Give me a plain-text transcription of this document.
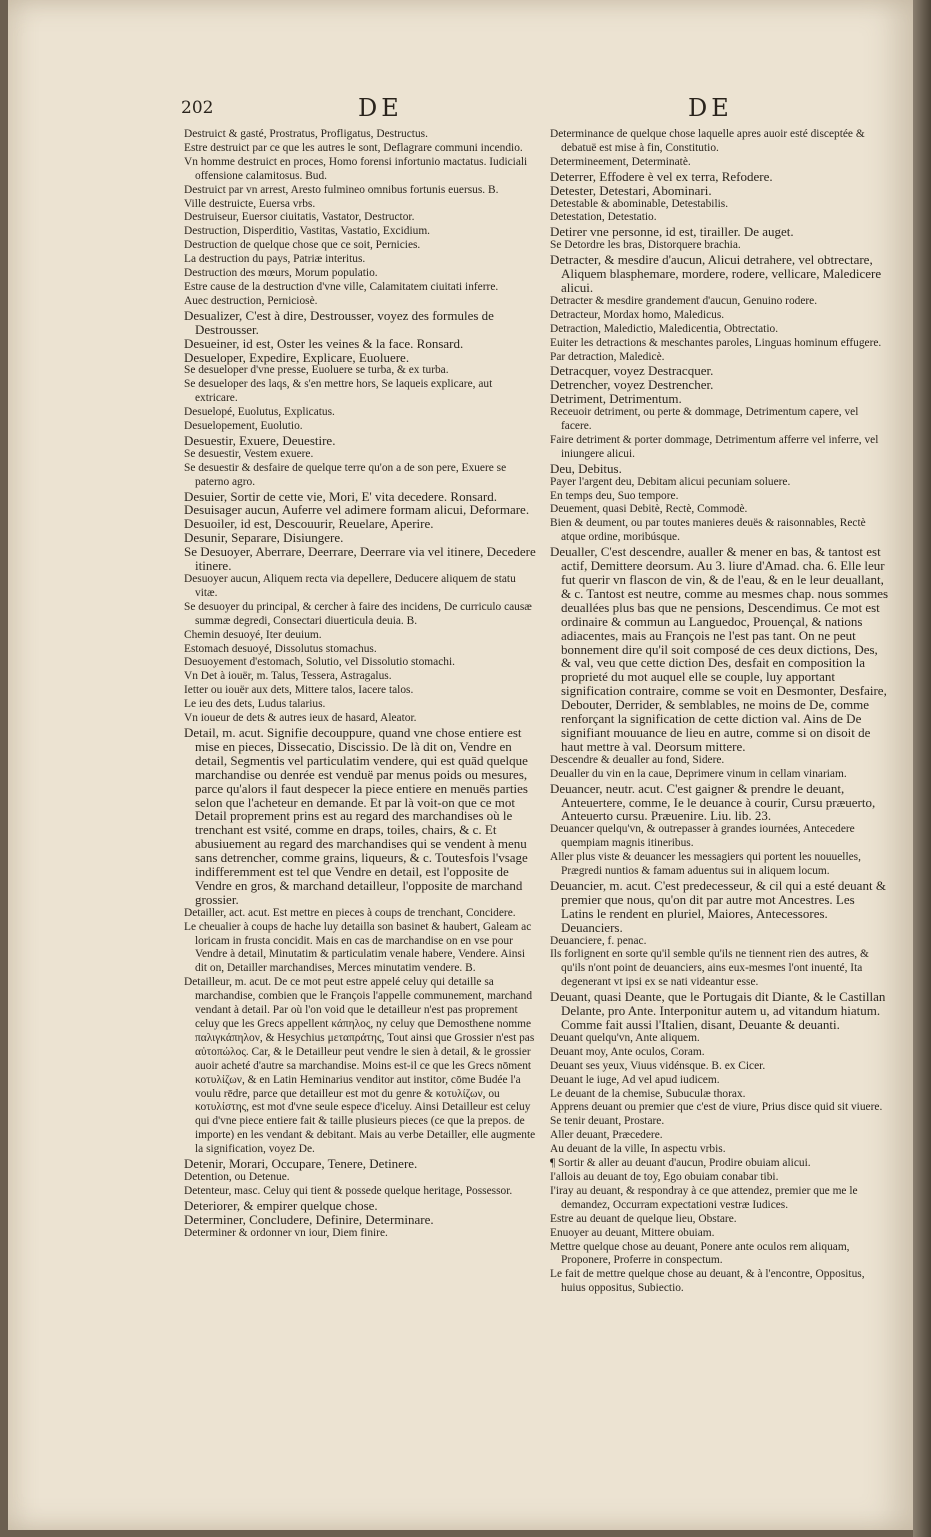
202	DE	DE

Destruict & gasté, Prostratus, Profligatus, Destructus.

Estre destruict par ce que les autres le sont, Deflagrare communi incendio.

Vn homme destruict en proces, Homo forensi infortunio mactatus. Iudiciali offensione calamitosus. Bud.

Destruict par vn arrest, Aresto fulmineo omnibus fortunis euersus. B.

Ville destruicte, Euersa vrbs.

Destruiseur, Euersor ciuitatis, Vastator, Destructor.

Destruction, Disperditio, Vastitas, Vastatio, Excidium.

Destruction de quelque chose que ce soit, Pernicies.

La destruction du pays, Patriæ interitus.

Destruction des mœurs, Morum populatio.

Estre cause de la destruction d'vne ville, Calamitatem ciuitati inferre.

Auec destruction, Perniciosè.

Desualizer, C'est à dire, Destrousser, voyez des formules de Destrousser.

Desueiner, id est, Oster les veines & la face. Ronsard.

Desueloper, Expedire, Explicare, Euoluere.

Se desueloper d'vne presse, Euoluere se turba, & ex turba.

Se desueloper des laqs, & s'en mettre hors, Se laqueis explicare, aut extricare.

Desuelopé, Euolutus, Explicatus.

Desuelopement, Euolutio.

Desuestir, Exuere, Deuestire.

Se desuestir, Vestem exuere.

Se desuestir & desfaire de quelque terre qu'on a de son pere, Exuere se paterno agro.

Desuier, Sortir de cette vie, Mori, E' vita decedere. Ronsard.

Desuisager aucun, Auferre vel adimere formam alicui, Deformare.

Desuoiler, id est, Descouurir, Reuelare, Aperire.

Desunir, Separare, Disiungere.

Se Desuoyer, Aberrare, Deerrare, Deerrare via vel itinere, Decedere itinere.

Desuoyer aucun, Aliquem recta via depellere, Deducere aliquem de statu vitæ.

Se desuoyer du principal, & cercher à faire des incidens, De curriculo causæ summæ degredi, Consectari diuerticula deuia. B.

Chemin desuoyé, Iter deuium.

Estomach desuoyé, Dissolutus stomachus.

Desuoyement d'estomach, Solutio, vel Dissolutio stomachi.

Vn Det à iouër, m. Talus, Tessera, Astragalus.

Ietter ou iouër aux dets, Mittere talos, Iacere talos.

Le ieu des dets, Ludus talarius.

Vn ioueur de dets & autres ieux de hasard, Aleator.

Detail, m. acut. Signifie decouppure, quand vne chose entiere est mise en pieces, Dissecatio, Discissio. De là dit on, Vendre en detail, Segmentis vel particulatim vendere, qui est quād quelque marchandise ou denrée est venduë par menus poids ou mesures, parce qu'alors il faut despecer la piece entiere en menuës parties selon que l'acheteur en demande. Et par là voit-on que ce mot Detail proprement prins est au regard des marchandises où le trenchant est vsité, comme en draps, toiles, chairs, & c. Et abusiuement au regard des marchandises qui se vendent à menu sans detrencher, comme grains, liqueurs, & c. Toutesfois l'vsage indifferemment est tel que Vendre en detail, est l'opposite de Vendre en gros, & marchand detailleur, l'opposite de marchand grossier.

Detailler, act. acut. Est mettre en pieces à coups de trenchant, Concidere.

Le cheualier à coups de hache luy detailla son basinet & haubert, Galeam ac loricam in frusta concidit. Mais en cas de marchandise on en vse pour Vendre à detail, Minutatim & particulatim venale habere, Vendere. Ainsi dit on, Detailler marchandises, Merces minutatim vendere. B.

Detailleur, m. acut. De ce mot peut estre appelé celuy qui detaille sa marchandise, combien que le François l'appelle communement, marchand vendant à detail. Par où l'on void que le detailleur n'est pas proprement celuy que les Grecs appellent κάπηλος, ny celuy que Demosthene nomme παλιγκάπηλον, & Hesychius μεταπράτης, Tout ainsi que Grossier n'est pas αὐτοπώλος. Car, & le Detailleur peut vendre le sien à detail, & le grossier auoir acheté d'autre sa marchandise. Moins est-il ce que les Grecs nōment κοτυλίζων, & en Latin Heminarius venditor aut institor, cōme Budée l'a voulu rēdre, parce que detailleur est mot du genre & κοτυλίζων, ou κοτυλίστης, est mot d'vne seule espece d'iceluy. Ainsi Detailleur est celuy qui d'vne piece entiere fait & taille plusieurs pieces (ce que la prepos. de importe) en les vendant & debitant. Mais au verbe Detailler, elle augmente la signification, voyez De.

Detenir, Morari, Occupare, Tenere, Detinere.

Detention, ou Detenue.

Detenteur, masc. Celuy qui tient & possede quelque heritage, Possessor.

Deteriorer, & empirer quelque chose.

Determiner, Concludere, Definire, Determinare.

Determiner & ordonner vn iour, Diem finire.

Determinance de quelque chose laquelle apres auoir esté disceptée & debatuë est mise à fin, Constitutio.

Determineement, Determinatè.

Deterrer, Effodere è vel ex terra, Refodere.

Detester, Detestari, Abominari.

Detestable & abominable, Detestabilis.

Detestation, Detestatio.

Detirer vne personne, id est, tirailler. De auget.

Se Detordre les bras, Distorquere brachia.

Detracter, & mesdire d'aucun, Alicui detrahere, vel obtrectare, Aliquem blasphemare, mordere, rodere, vellicare, Maledicere alicui.

Detracter & mesdire grandement d'aucun, Genuino rodere.

Detracteur, Mordax homo, Maledicus.

Detraction, Maledictio, Maledicentia, Obtrectatio.

Euiter les detractions & meschantes paroles, Linguas hominum effugere.

Par detraction, Maledicè.

Detracquer, voyez Destracquer.

Detrencher, voyez Destrencher.

Detriment, Detrimentum.

Receuoir detriment, ou perte & dommage, Detrimentum capere, vel facere.

Faire detriment & porter dommage, Detrimentum afferre vel inferre, vel iniungere alicui.

Deu, Debitus.

Payer l'argent deu, Debitam alicui pecuniam soluere.

En temps deu, Suo tempore.

Deuement, quasi Debitè, Rectè, Commodè.

Bien & deument, ou par toutes manieres deuës & raisonnables, Rectè atque ordine, moribúsque.

Deualler, C'est descendre, aualler & mener en bas, & tantost est actif, Demittere deorsum. Au 3. liure d'Amad. cha. 6. Elle leur fut querir vn flascon de vin, & de l'eau, & en le leur deuallant, & c. Tantost est neutre, comme au mesmes chap. nous sommes deuallées plus bas que ne pensions, Descendimus. Ce mot est ordinaire & commun au Languedoc, Prouençal, & nations adiacentes, mais au François ne l'est pas tant. On ne peut bonnement dire qu'il soit composé de ces deux dictions, Des, & val, veu que cette diction Des, desfait en composition la proprieté du mot auquel elle se couple, luy apportant signification contraire, comme se voit en Desmonter, Desfaire, Debouter, Derrider, & semblables, ne moins de De, comme renforçant la signification de cette diction val. Ains de De signifiant mouuance de lieu en autre, comme si on disoit de haut mettre à val. Deorsum mittere.

Descendre & deualler au fond, Sidere.

Deualler du vin en la caue, Deprimere vinum in cellam vinariam.

Deuancer, neutr. acut. C'est gaigner & prendre le deuant, Anteuertere, comme, Ie le deuance à courir, Cursu præuerto, Anteuerto cursu. Præuenire. Liu. lib. 23.

Deuancer quelqu'vn, & outrepasser à grandes iournées, Antecedere quempiam magnis itineribus.

Aller plus viste & deuancer les messagiers qui portent les nouuelles, Prægredi nuntios & famam aduentus sui in aliquem locum.

Deuancier, m. acut. C'est predecesseur, & cil qui a esté deuant & premier que nous, qu'on dit par autre mot Ancestres. Les Latins le rendent en pluriel, Maiores, Antecessores. Deuanciers.

Deuanciere, f. penac.

Ils forlignent en sorte qu'il semble qu'ils ne tiennent rien des autres, & qu'ils n'ont point de deuanciers, ains eux-mesmes l'ont inuenté, Ita degenerant vt ipsi ex se nati videantur esse.

Deuant, quasi Deante, que le Portugais dit Diante, & le Castillan Delante, pro Ante. Interponitur autem u, ad vitandum hiatum. Comme fait aussi l'Italien, disant, Deuante & deuanti.

Deuant quelqu'vn, Ante aliquem.

Deuant moy, Ante oculos, Coram.

Deuant ses yeux, Viuus vidénsque. B. ex Cicer.

Deuant le iuge, Ad vel apud iudicem.

Le deuant de la chemise, Subuculæ thorax.

Apprens deuant ou premier que c'est de viure, Prius disce quid sit viuere.

Se tenir deuant, Prostare.

Aller deuant, Præcedere.

Au deuant de la ville, In aspectu vrbis.

¶ Sortir & aller au deuant d'aucun, Prodire obuiam alicui.

I'allois au deuant de toy, Ego obuiam conabar tibi.

I'iray au deuant, & respondray à ce que attendez, premier que me le demandez, Occurram expectationi vestræ Iudices.

Estre au deuant de quelque lieu, Obstare.

Enuoyer au deuant, Mittere obuiam.

Mettre quelque chose au deuant, Ponere ante oculos rem aliquam, Proponere, Proferre in conspectum.

Le fait de mettre quelque chose au deuant, & à l'encontre, Oppositus, huius oppositus, Subiectio.
